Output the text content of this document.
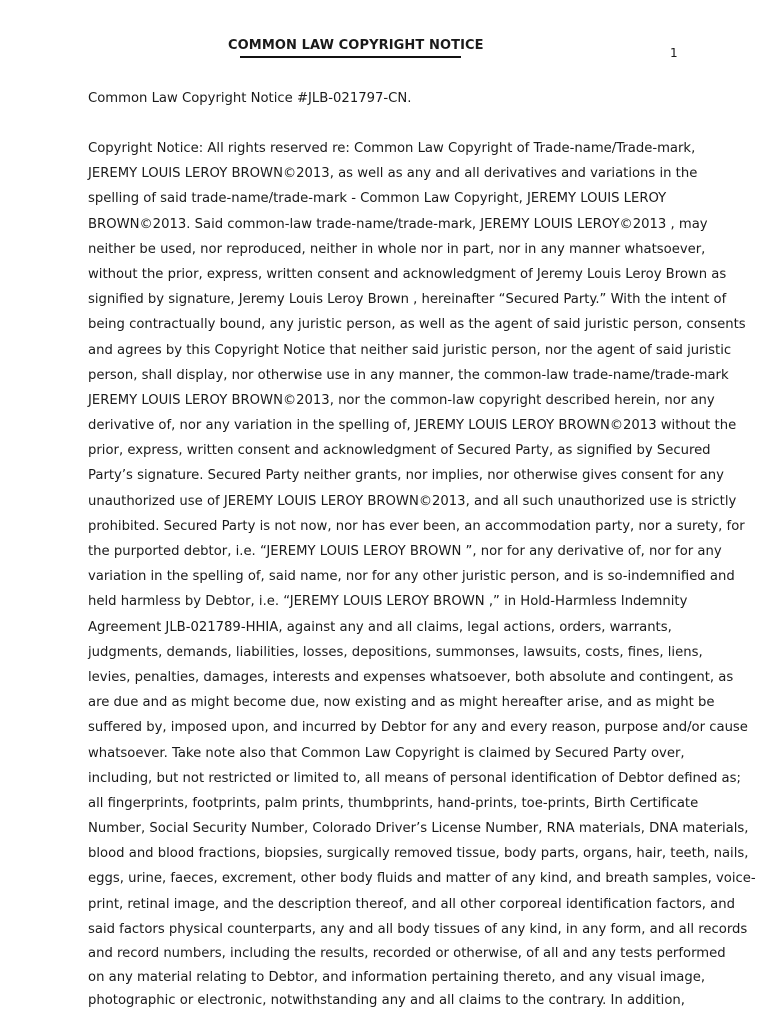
COMMON LAW COPYRIGHT NOTICE	1
Common Law Copyright Notice #JLB-021797-CN.
Copyright Notice: All rights reserved re: Common Law Copyright of Trade-name/Trade-mark,
JEREMY LOUIS LEROY BROWN©2013, as well as any and all derivatives and variations in the
spelling of said trade-name/trade-mark - Common Law Copyright, JEREMY LOUIS LEROY
BROWN©2013. Said common-law trade-name/trade-mark, JEREMY LOUIS LEROY©2013 , may
neither be used, nor reproduced, neither in whole nor in part, nor in any manner whatsoever,
without the prior, express, written consent and acknowledgment of Jeremy Louis Leroy Brown as
signified by signature, Jeremy Louis Leroy Brown , hereinafter “Secured Party.” With the intent of
being contractually bound, any juristic person, as well as the agent of said juristic person, consents
and agrees by this Copyright Notice that neither said juristic person, nor the agent of said juristic
person, shall display, nor otherwise use in any manner, the common-law trade-name/trade-mark
JEREMY LOUIS LEROY BROWN©2013, nor the common-law copyright described herein, nor any
derivative of, nor any variation in the spelling of, JEREMY LOUIS LEROY BROWN©2013 without the
prior, express, written consent and acknowledgment of Secured Party, as signified by Secured
Party’s signature. Secured Party neither grants, nor implies, nor otherwise gives consent for any
unauthorized use of JEREMY LOUIS LEROY BROWN©2013, and all such unauthorized use is strictly
prohibited. Secured Party is not now, nor has ever been, an accommodation party, nor a surety, for
the purported debtor, i.e. “JEREMY LOUIS LEROY BROWN ”, nor for any derivative of, nor for any
variation in the spelling of, said name, nor for any other juristic person, and is so-indemnified and
held harmless by Debtor, i.e. “JEREMY LOUIS LEROY BROWN ,” in Hold-Harmless Indemnity
Agreement JLB-021789-HHIA, against any and all claims, legal actions, orders, warrants,
judgments, demands, liabilities, losses, depositions, summonses, lawsuits, costs, fines, liens,
levies, penalties, damages, interests and expenses whatsoever, both absolute and contingent, as
are due and as might become due, now existing and as might hereafter arise, and as might be
suffered by, imposed upon, and incurred by Debtor for any and every reason, purpose and/or cause
whatsoever. Take note also that Common Law Copyright is claimed by Secured Party over,
including, but not restricted or limited to, all means of personal identification of Debtor defined as;
all fingerprints, footprints, palm prints, thumbprints, hand-prints, toe-prints, Birth Certificate
Number, Social Security Number, Colorado Driver’s License Number, RNA materials, DNA materials,
blood and blood fractions, biopsies, surgically removed tissue, body parts, organs, hair, teeth, nails,
eggs, urine, faeces, excrement, other body fluids and matter of any kind, and breath samples, voice-
print, retinal image, and the description thereof, and all other corporeal identification factors, and
said factors physical counterparts, any and all body tissues of any kind, in any form, and all records
and record numbers, including the results, recorded or otherwise, of all and any tests performed
on any material relating to Debtor, and information pertaining thereto, and any visual image,
photographic or electronic, notwithstanding any and all claims to the contrary. In addition,
